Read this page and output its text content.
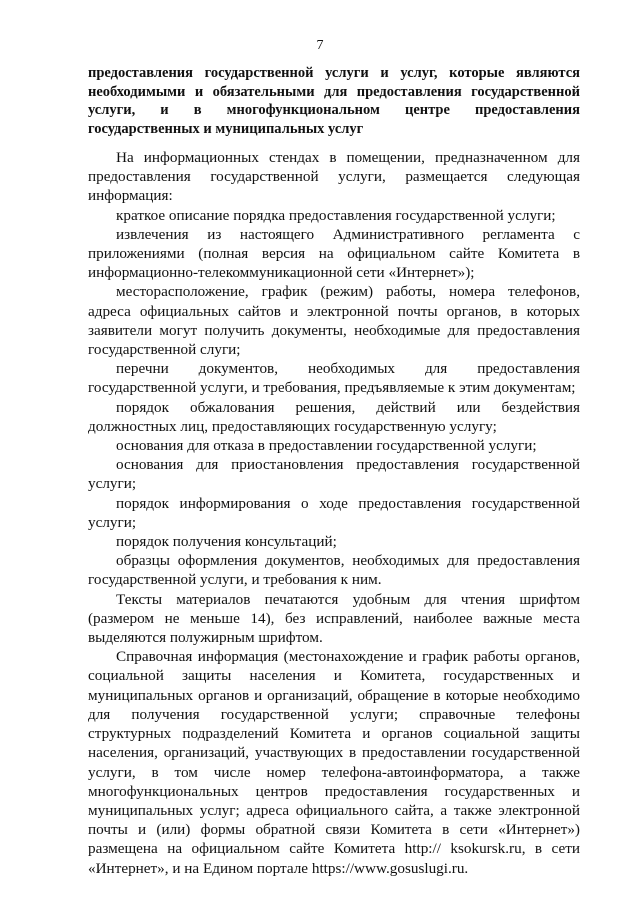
7
предоставления государственной услуги и услуг, которые являются необходимыми и обязательными для предоставления государственной услуги, и в многофункциональном центре предоставления государственных и муниципальных услуг

На информационных стендах в помещении, предназначенном для предоставления государственной услуги, размещается следующая информация:

краткое описание порядка предоставления государственной услуги;

извлечения из настоящего Административного регламента с приложениями (полная версия на официальном сайте Комитета в информационно-телекоммуникационной сети «Интернет»);

месторасположение, график (режим) работы, номера телефонов, адреса официальных сайтов и электронной почты органов, в которых заявители могут получить документы, необходимые для предоставления государственной слуги;

перечни документов, необходимых для предоставления государственной услуги, и требования, предъявляемые к этим документам;

порядок обжалования решения, действий или бездействия должностных лиц, предоставляющих государственную услугу;

основания для отказа в предоставлении государственной услуги;

основания для приостановления предоставления государственной услуги;

порядок информирования о ходе предоставления государственной услуги;

порядок получения консультаций;

образцы оформления документов, необходимых для предоставления государственной услуги, и требования к ним.

Тексты материалов печатаются удобным для чтения шрифтом (размером не меньше 14), без исправлений, наиболее важные места выделяются полужирным шрифтом.

Справочная информация (местонахождение и график работы органов, социальной защиты населения и Комитета, государственных и муниципальных органов и организаций, обращение в которые необходимо для получения государственной услуги; справочные телефоны структурных подразделений Комитета и органов социальной защиты населения, организаций, участвующих в предоставлении государственной услуги, в том числе номер телефона-автоинформатора, а также многофункциональных центров предоставления государственных и муниципальных услуг; адреса официального сайта, а также электронной почты и (или) формы обратной связи Комитета в сети «Интернет») размещена на официальном сайте Комитета http:// ksokursk.ru, в сети «Интернет», и на Едином портале https://www.gosuslugi.ru.
